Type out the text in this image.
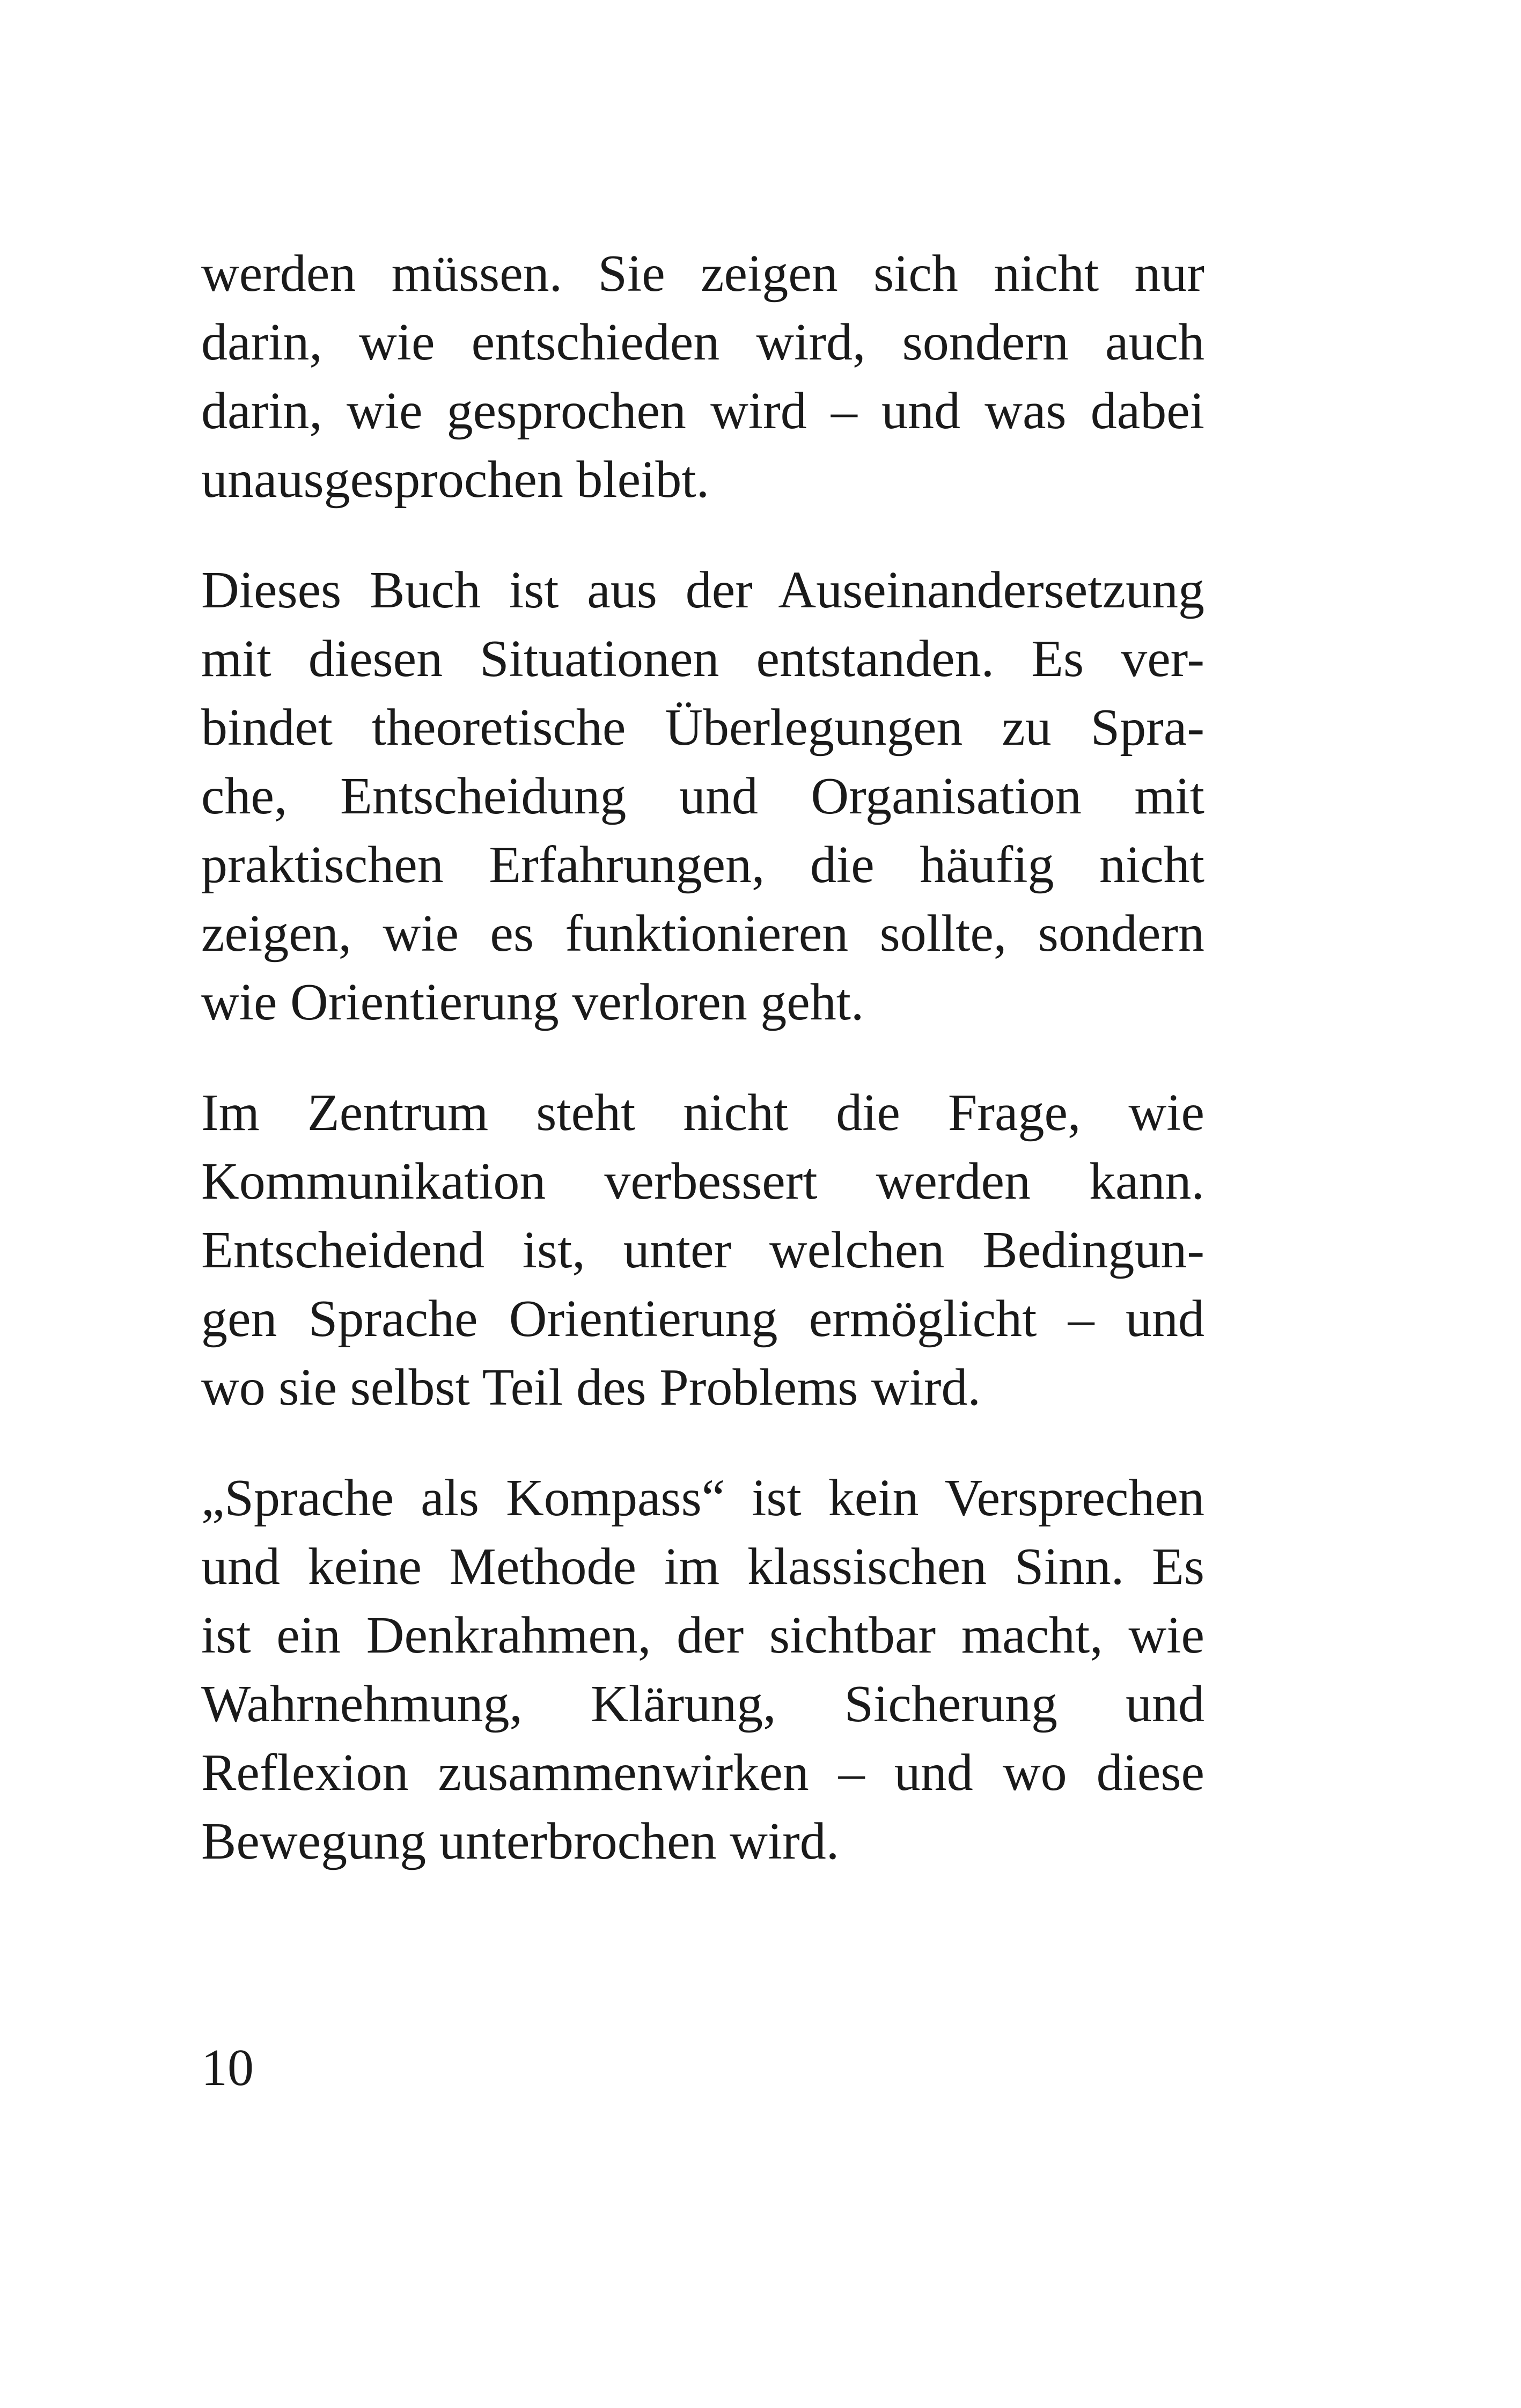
werden müssen. Sie zeigen sich nicht nur
darin, wie entschieden wird, sondern auch
darin, wie gesprochen wird – und was dabei
unausgesprochen bleibt.

Dieses Buch ist aus der Auseinandersetzung
mit diesen Situationen entstanden. Es ver-
bindet theoretische Überlegungen zu Spra-
che, Entscheidung und Organisation mit
praktischen Erfahrungen, die häufig nicht
zeigen, wie es funktionieren sollte, sondern
wie Orientierung verloren geht.

Im Zentrum steht nicht die Frage, wie
Kommunikation verbessert werden kann.
Entscheidend ist, unter welchen Bedingun-
gen Sprache Orientierung ermöglicht – und
wo sie selbst Teil des Problems wird.

„Sprache als Kompass“ ist kein Versprechen
und keine Methode im klassischen Sinn. Es
ist ein Denkrahmen, der sichtbar macht, wie
Wahrnehmung, Klärung, Sicherung und
Reflexion zusammenwirken – und wo diese
Bewegung unterbrochen wird.

10
